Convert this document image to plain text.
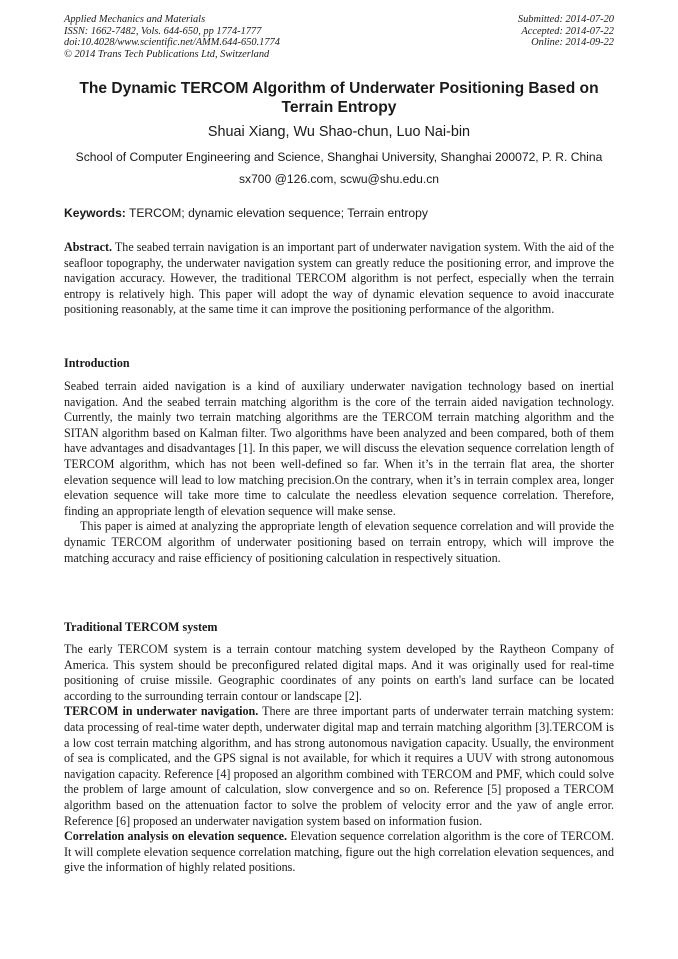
Applied Mechanics and Materials
ISSN: 1662-7482, Vols. 644-650, pp 1774-1777
doi:10.4028/www.scientific.net/AMM.644-650.1774
© 2014 Trans Tech Publications Ltd, Switzerland
Submitted: 2014-07-20
Accepted: 2014-07-22
Online: 2014-09-22
The Dynamic TERCOM Algorithm of Underwater Positioning Based on Terrain Entropy
Shuai Xiang, Wu Shao-chun, Luo Nai-bin
School of Computer Engineering and Science, Shanghai University, Shanghai 200072, P. R. China
sx700 @126.com, scwu@shu.edu.cn
Keywords: TERCOM; dynamic elevation sequence; Terrain entropy

Abstract. The seabed terrain navigation is an important part of underwater navigation system. With the aid of the seafloor topography, the underwater navigation system can greatly reduce the positioning error, and improve the navigation accuracy. However, the traditional TERCOM algorithm is not perfect, especially when the terrain entropy is relatively high. This paper will adopt the way of dynamic elevation sequence to avoid inaccurate positioning reasonably, at the same time it can improve the positioning performance of the algorithm.

Introduction

Seabed terrain aided navigation is a kind of auxiliary underwater navigation technology based on inertial navigation. And the seabed terrain matching algorithm is the core of the terrain aided navigation technology. Currently, the mainly two terrain matching algorithms are the TERCOM terrain matching algorithm and the SITAN algorithm based on Kalman filter. Two algorithms have been analyzed and been compared, both of them have advantages and disadvantages [1]. In this paper, we will discuss the elevation sequence correlation length of TERCOM algorithm, which has not been well-defined so far. When it’s in the terrain flat area, the shorter elevation sequence will lead to low matching precision.On the contrary, when it’s in terrain complex area, longer elevation sequence will take more time to calculate the needless elevation sequence correlation. Therefore, finding an appropriate length of elevation sequence will make sense.

This paper is aimed at analyzing the appropriate length of elevation sequence correlation and will provide the dynamic TERCOM algorithm of underwater positioning based on terrain entropy, which will improve the matching accuracy and raise efficiency of positioning calculation in respectively situation.

Traditional TERCOM system

The early TERCOM system is a terrain contour matching system developed by the Raytheon Company of America. This system should be preconfigured related digital maps. And it was originally used for real-time positioning of cruise missile. Geographic coordinates of any points on earth's land surface can be located according to the surrounding terrain contour or landscape [2].

TERCOM in underwater navigation. There are three important parts of underwater terrain matching system: data processing of real-time water depth, underwater digital map and terrain matching algorithm [3].TERCOM is a low cost terrain matching algorithm, and has strong autonomous navigation capacity. Usually, the environment of sea is complicated, and the GPS signal is not available, for which it requires a UUV with strong autonomous navigation capacity. Reference [4] proposed an algorithm combined with TERCOM and PMF, which could solve the problem of large amount of calculation, slow convergence and so on. Reference [5] proposed a TERCOM algorithm based on the attenuation factor to solve the problem of velocity error and the yaw of angle error. Reference [6] proposed an underwater navigation system based on information fusion.

Correlation analysis on elevation sequence. Elevation sequence correlation algorithm is the core of TERCOM. It will complete elevation sequence correlation matching, figure out the high correlation elevation sequences, and give the information of highly related positions.
